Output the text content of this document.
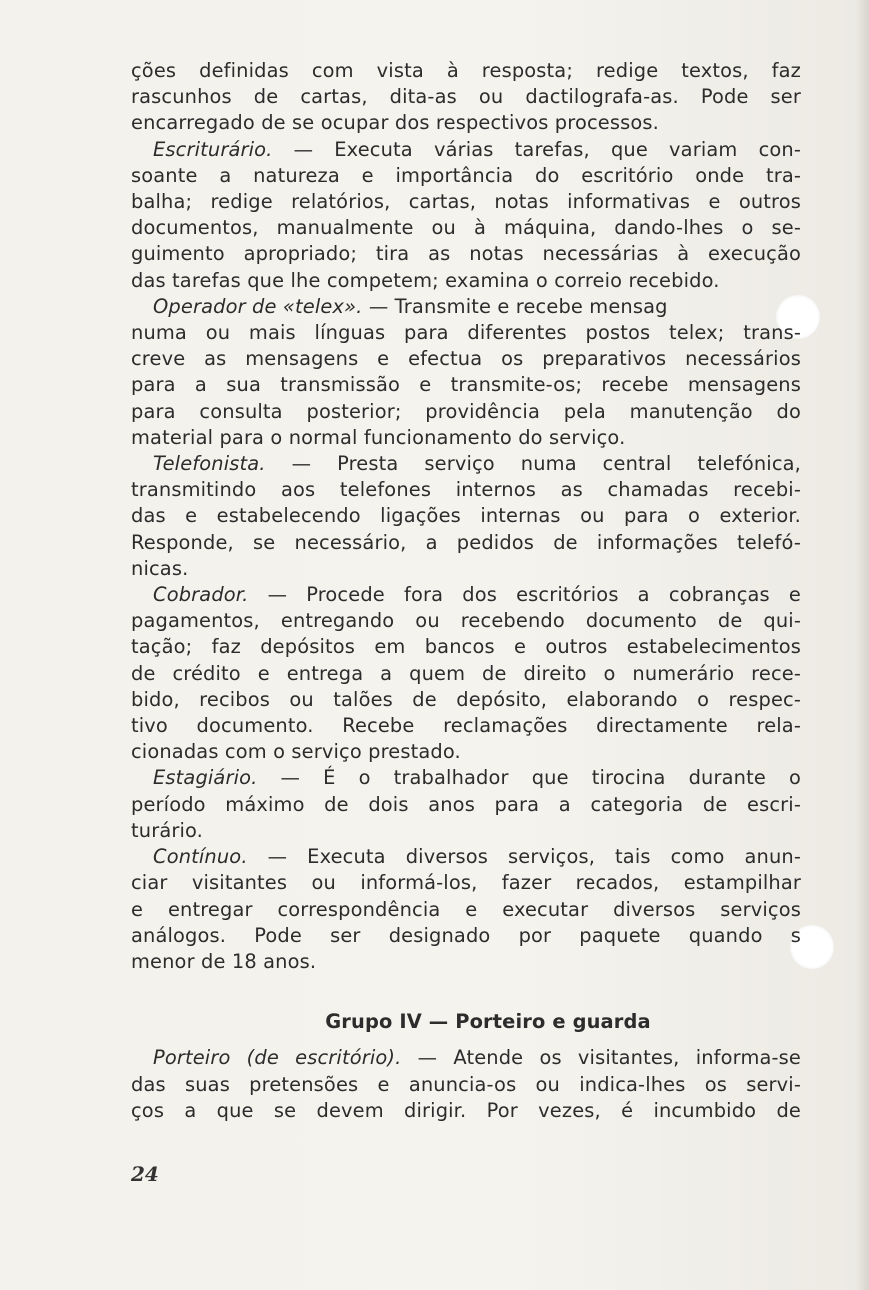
ções definidas com vista à resposta; redige textos, faz
rascunhos de cartas, dita-as ou dactilografa-as. Pode ser
encarregado de se ocupar dos respectivos processos.
Escriturário. — Executa várias tarefas, que variam con-
soante a natureza e importância do escritório onde tra-
balha; redige relatórios, cartas, notas informativas e outros
documentos, manualmente ou à máquina, dando-lhes o se-
guimento apropriado; tira as notas necessárias à execução
das tarefas que lhe competem; examina o correio recebido.
Operador de «telex». — Transmite e recebe mensag
numa ou mais línguas para diferentes postos telex; trans-
creve as mensagens e efectua os preparativos necessários
para a sua transmissão e transmite-os; recebe mensagens
para consulta posterior; providência pela manutenção do
material para o normal funcionamento do serviço.
Telefonista. — Presta serviço numa central telefónica,
transmitindo aos telefones internos as chamadas recebi-
das e estabelecendo ligações internas ou para o exterior.
Responde, se necessário, a pedidos de informações telefó-
nicas.
Cobrador. — Procede fora dos escritórios a cobranças e
pagamentos, entregando ou recebendo documento de qui-
tação; faz depósitos em bancos e outros estabelecimentos
de crédito e entrega a quem de direito o numerário rece-
bido, recibos ou talões de depósito, elaborando o respec-
tivo documento. Recebe reclamações directamente rela-
cionadas com o serviço prestado.
Estagiário. — É o trabalhador que tirocina durante o
período máximo de dois anos para a categoria de escri-
turário.
Contínuo. — Executa diversos serviços, tais como anun-
ciar visitantes ou informá-los, fazer recados, estampilhar
e entregar correspondência e executar diversos serviços
análogos. Pode ser designado por paquete quando s
menor de 18 anos.
Grupo IV — Porteiro e guarda
Porteiro (de escritório). — Atende os visitantes, informa-se
das suas pretensões e anuncia-os ou indica-lhes os servi-
ços a que se devem dirigir. Por vezes, é incumbido de
24
